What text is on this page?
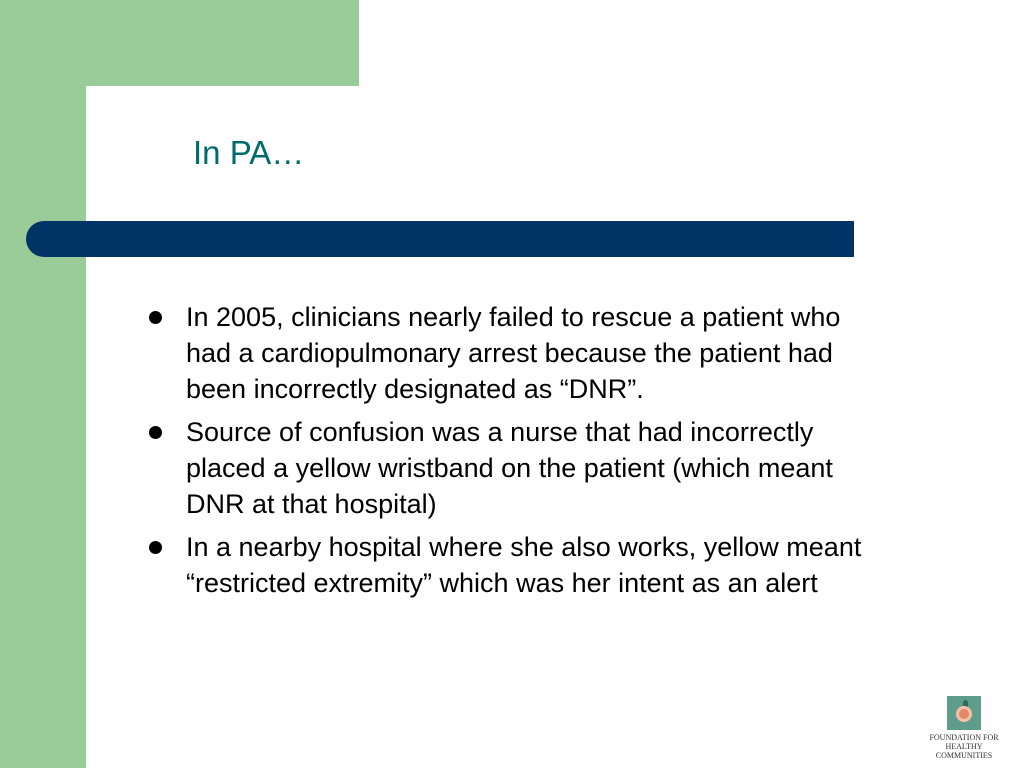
In PA…
In 2005, clinicians nearly failed to rescue a patient who had a cardiopulmonary arrest because the patient had been incorrectly designated as “DNR”.
Source of confusion was a nurse that had incorrectly placed a yellow wristband on the patient (which meant DNR at that hospital)
In a nearby hospital where she also works, yellow meant “restricted extremity” which was her intent as an alert
FOUNDATION FOR
HEALTHY COMMUNITIES
